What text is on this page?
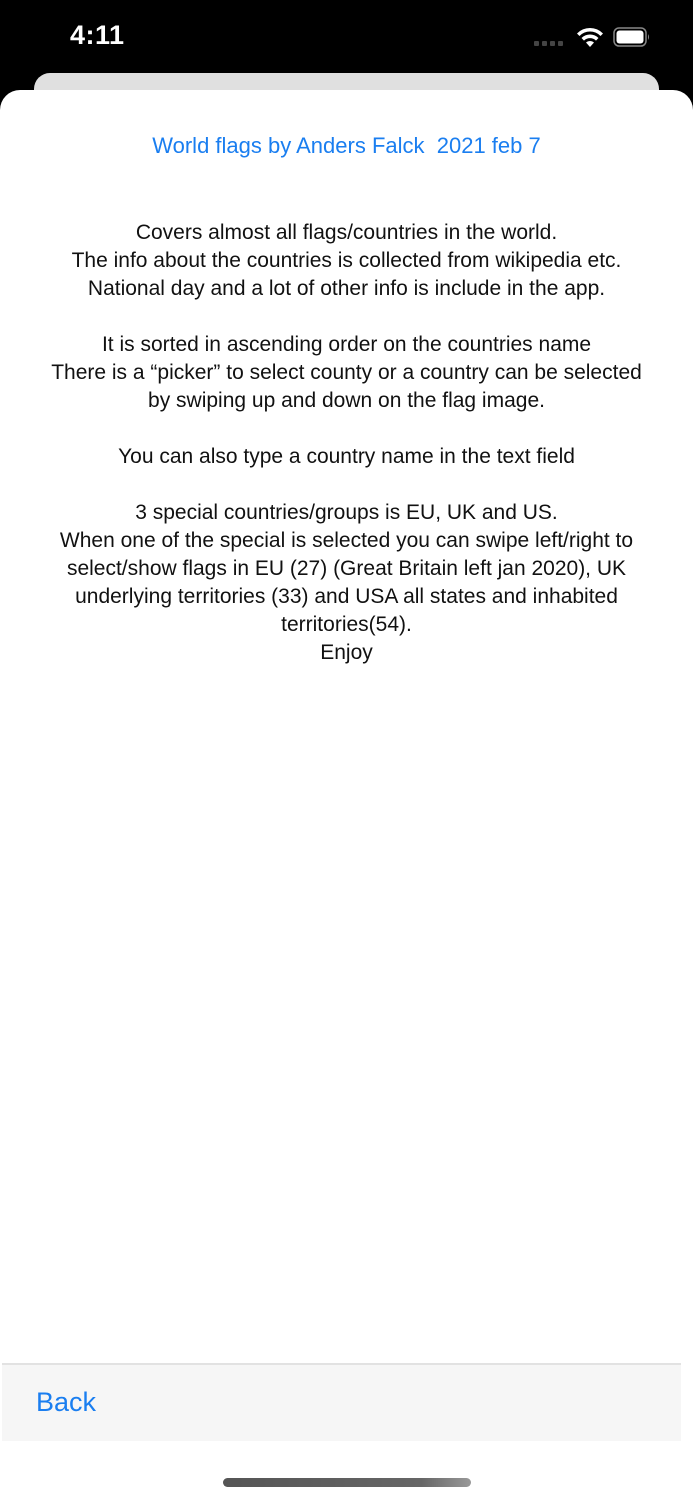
4:11
World flags by Anders Falck  2021 feb 7
Covers almost all flags/countries in the world.
The info about the countries is collected from wikipedia etc.
National day and a lot of other info is include in the app.
It is sorted in ascending order on the countries name
There is a “picker” to select county or a country can be selected by swiping up and down on the flag image.
You can also type a country name in the text field
3 special countries/groups is EU, UK and US.
When one of the special is selected you can swipe left/right to select/show flags in EU (27) (Great Britain left jan 2020), UK underlying territories (33) and USA all states and inhabited territories(54).
Enjoy
Back
